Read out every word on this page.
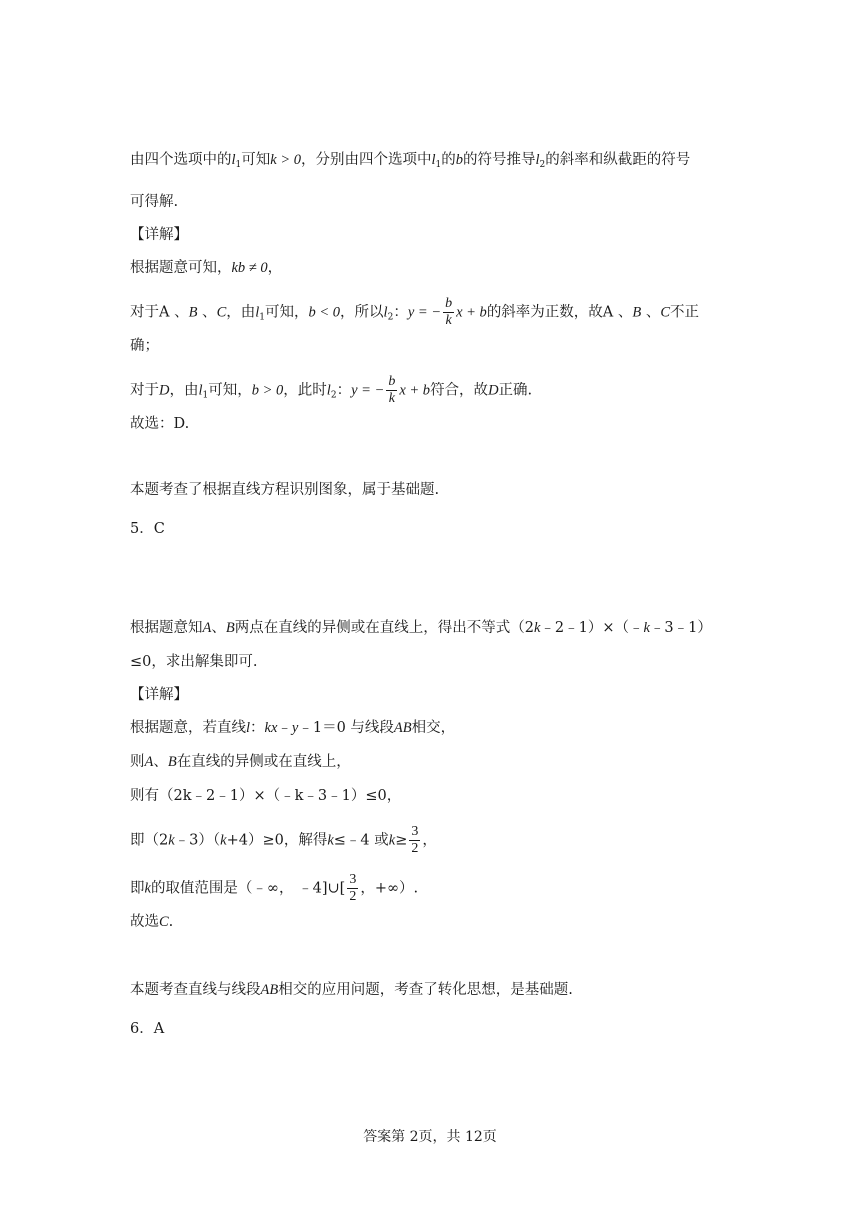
由四个选项中的$l_1$可知k > 0，分别由四个选项中$l_1$的b的符号推导$l_2$的斜率和纵截距的符号
可得解.
【详解】
根据题意可知，kb ≠ 0，
对于A 、B 、C，由$l_1$可知，b < 0，所以$l_2$：y = − $\frac{b}{k}$ x + b的斜率为正数，故A 、B 、C不正
确；
对于D，由$l_1$可知，b > 0，此时$l_2$：y = − $\frac{b}{k}$ x + b符合，故D正确.
故选：D.
本题考查了根据直线方程识别图象，属于基础题.
5．C
根据题意知A、B两点在直线的异侧或在直线上，得出不等式（2k﹣2﹣1）×（﹣k﹣3﹣1）
≤0，求出解集即可.
【详解】
根据题意，若直线l：kx﹣y﹣1＝0 与线段AB相交，
则A、B在直线的异侧或在直线上，
则有（2k﹣2﹣1）×（﹣k﹣3﹣1）≤0，
即（2k﹣3）（k+4）≥0，解得k≤﹣4 或$k\ge \frac{3}{2}$ ，
即k的取值范围是（﹣∞， ﹣4]∪[ $\frac{3}{2}$ ，+∞）.
故选C.
本题考查直线与线段AB相交的应用问题，考查了转化思想，是基础题.
6．A
答案第 2页，共 12页
